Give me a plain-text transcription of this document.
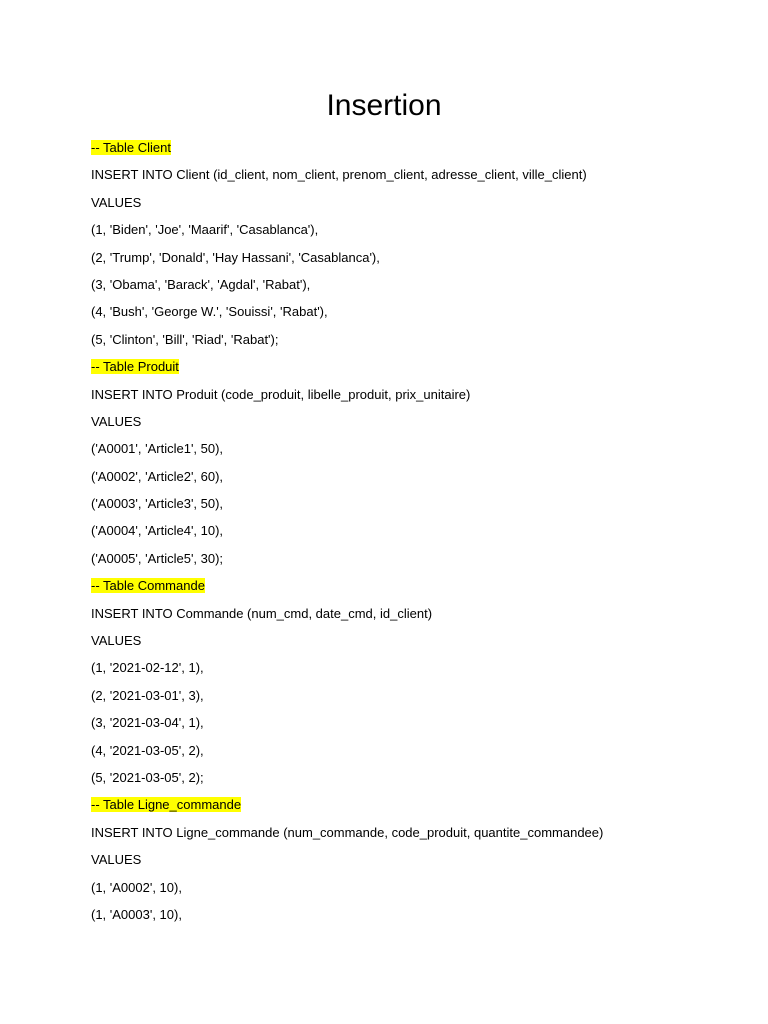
Insertion
-- Table Client
INSERT INTO Client (id_client, nom_client, prenom_client, adresse_client, ville_client)
VALUES
(1, 'Biden', 'Joe', 'Maarif', 'Casablanca'),
(2, 'Trump', 'Donald', 'Hay Hassani', 'Casablanca'),
(3, 'Obama', 'Barack', 'Agdal', 'Rabat'),
(4, 'Bush', 'George W.', 'Souissi', 'Rabat'),
(5, 'Clinton', 'Bill', 'Riad', 'Rabat');
-- Table Produit
INSERT INTO Produit (code_produit, libelle_produit, prix_unitaire)
VALUES
('A0001', 'Article1', 50),
('A0002', 'Article2', 60),
('A0003', 'Article3', 50),
('A0004', 'Article4', 10),
('A0005', 'Article5', 30);
-- Table Commande
INSERT INTO Commande (num_cmd, date_cmd, id_client)
VALUES
(1, '2021-02-12', 1),
(2, '2021-03-01', 3),
(3, '2021-03-04', 1),
(4, '2021-03-05', 2),
(5, '2021-03-05', 2);
-- Table Ligne_commande
INSERT INTO Ligne_commande (num_commande, code_produit, quantite_commandee)
VALUES
(1, 'A0002', 10),
(1, 'A0003', 10),
